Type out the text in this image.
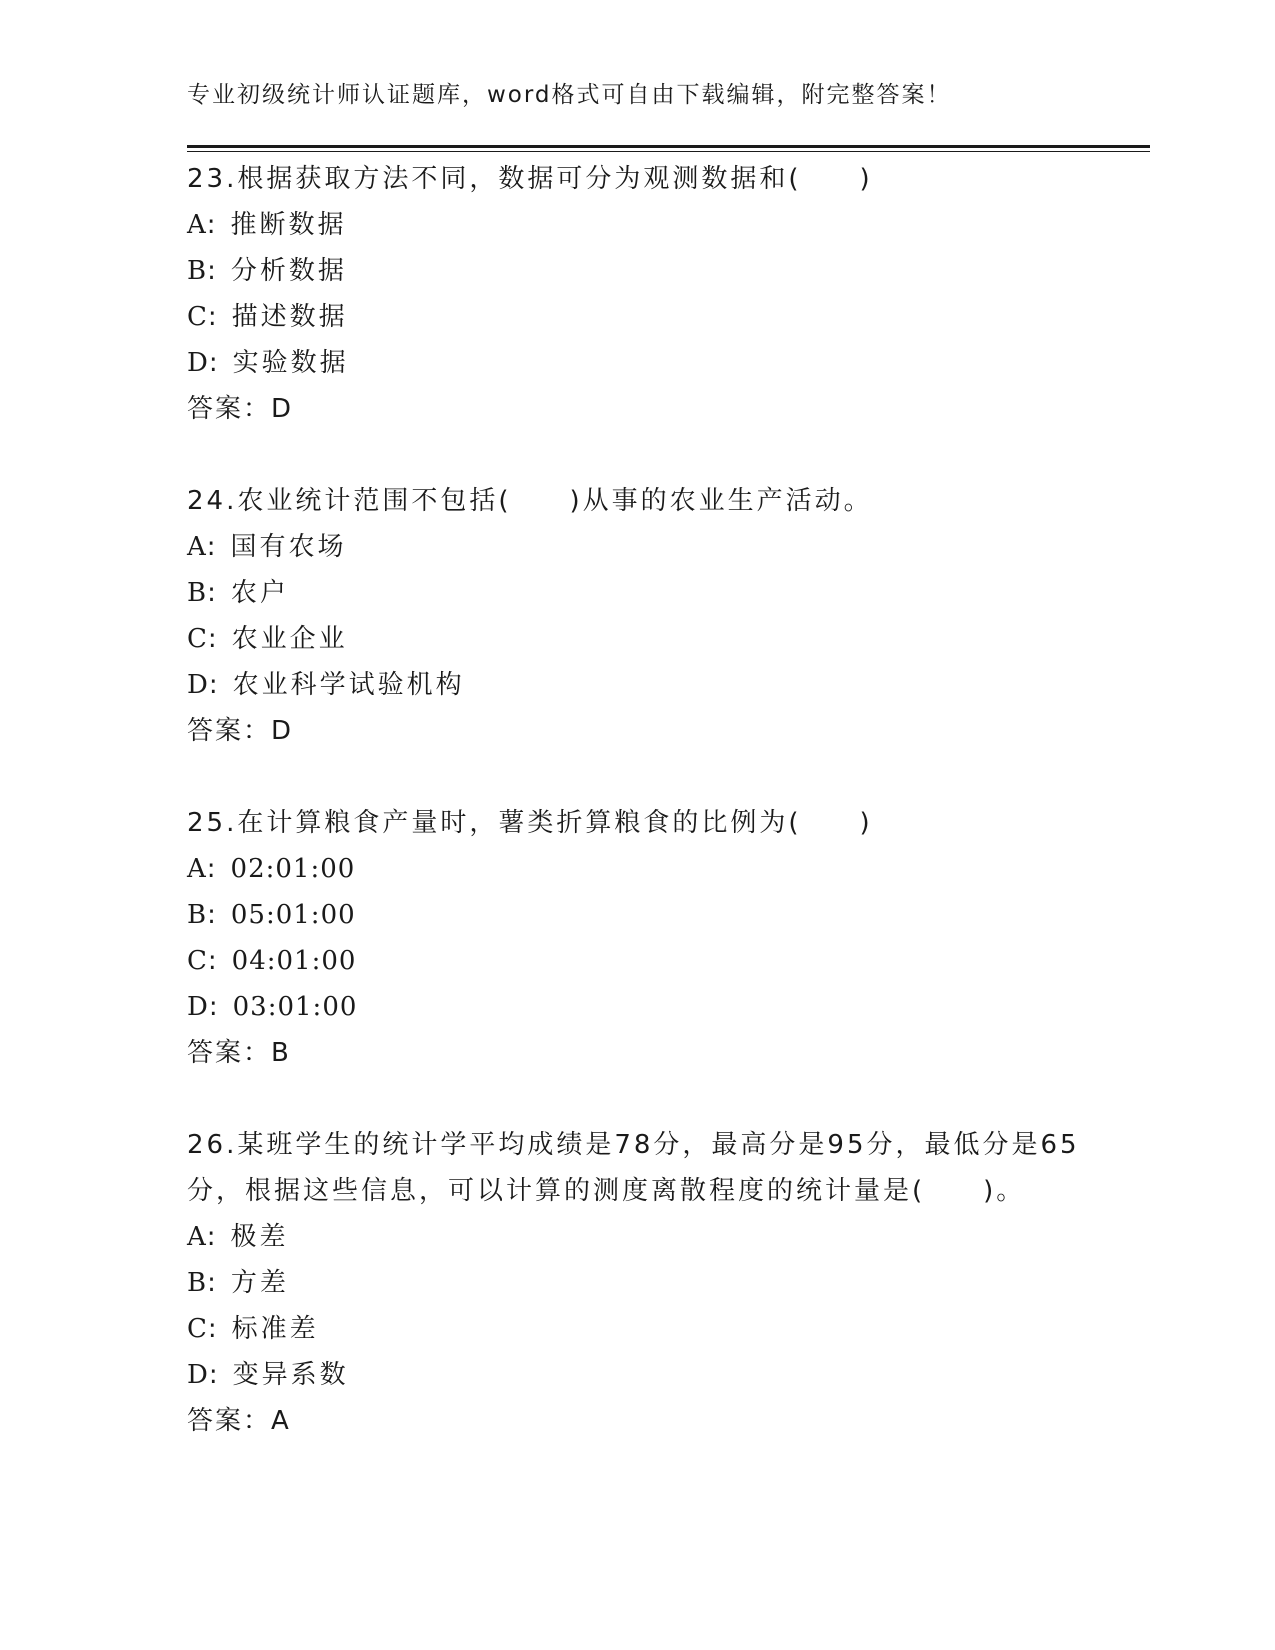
专业初级统计师认证题库，word格式可自由下载编辑，附完整答案！
23.根据获取方法不同，数据可分为观测数据和(　　)
A: 推断数据
B: 分析数据
C: 描述数据
D: 实验数据
答案：D
24.农业统计范围不包括(　　)从事的农业生产活动。
A: 国有农场
B: 农户
C: 农业企业
D: 农业科学试验机构
答案：D
25.在计算粮食产量时，薯类折算粮食的比例为(　　)
A: 02:01:00
B: 05:01:00
C: 04:01:00
D: 03:01:00
答案：B
26.某班学生的统计学平均成绩是78分，最高分是95分，最低分是65分，根据这些信息，可以计算的测度离散程度的统计量是(　　)。
A: 极差
B: 方差
C: 标准差
D: 变异系数
答案：A
